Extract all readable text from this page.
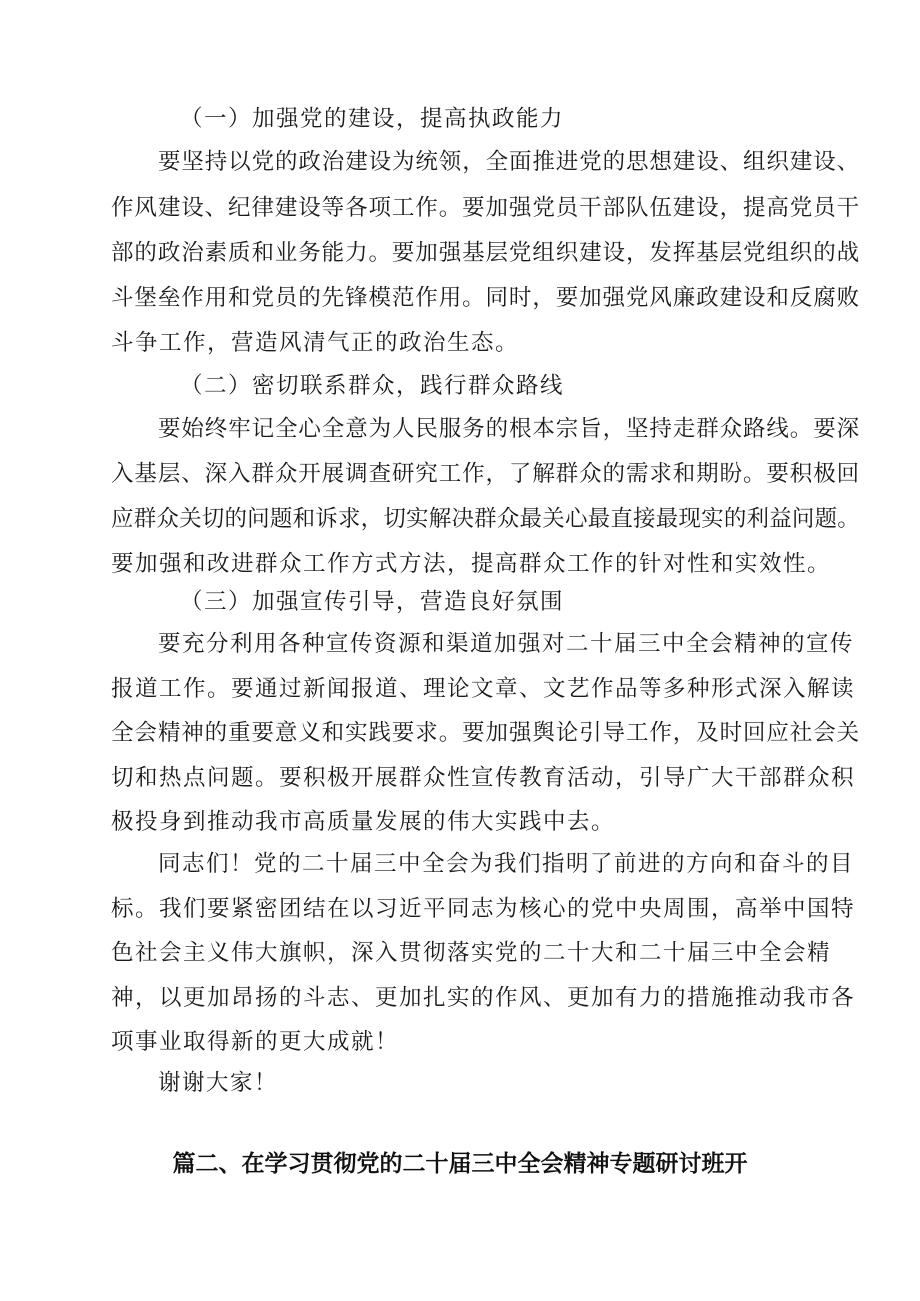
（一）加强党的建设，提高执政能力
要坚持以党的政治建设为统领，全面推进党的思想建设、组织建设、
作风建设、纪律建设等各项工作。要加强党员干部队伍建设，提高党员干
部的政治素质和业务能力。要加强基层党组织建设，发挥基层党组织的战
斗堡垒作用和党员的先锋模范作用。同时，要加强党风廉政建设和反腐败
斗争工作，营造风清气正的政治生态。
（二）密切联系群众，践行群众路线
要始终牢记全心全意为人民服务的根本宗旨，坚持走群众路线。要深
入基层、深入群众开展调查研究工作，了解群众的需求和期盼。要积极回
应群众关切的问题和诉求，切实解决群众最关心最直接最现实的利益问题。
要加强和改进群众工作方式方法，提高群众工作的针对性和实效性。
（三）加强宣传引导，营造良好氛围
要充分利用各种宣传资源和渠道加强对二十届三中全会精神的宣传
报道工作。要通过新闻报道、理论文章、文艺作品等多种形式深入解读
全会精神的重要意义和实践要求。要加强舆论引导工作，及时回应社会关
切和热点问题。要积极开展群众性宣传教育活动，引导广大干部群众积
极投身到推动我市高质量发展的伟大实践中去。
同志们！党的二十届三中全会为我们指明了前进的方向和奋斗的目
标。我们要紧密团结在以习近平同志为核心的党中央周围，高举中国特
色社会主义伟大旗帜，深入贯彻落实党的二十大和二十届三中全会精
神，以更加昂扬的斗志、更加扎实的作风、更加有力的措施推动我市各
项事业取得新的更大成就！
谢谢大家！
篇二、在学习贯彻党的二十届三中全会精神专题研讨班开
